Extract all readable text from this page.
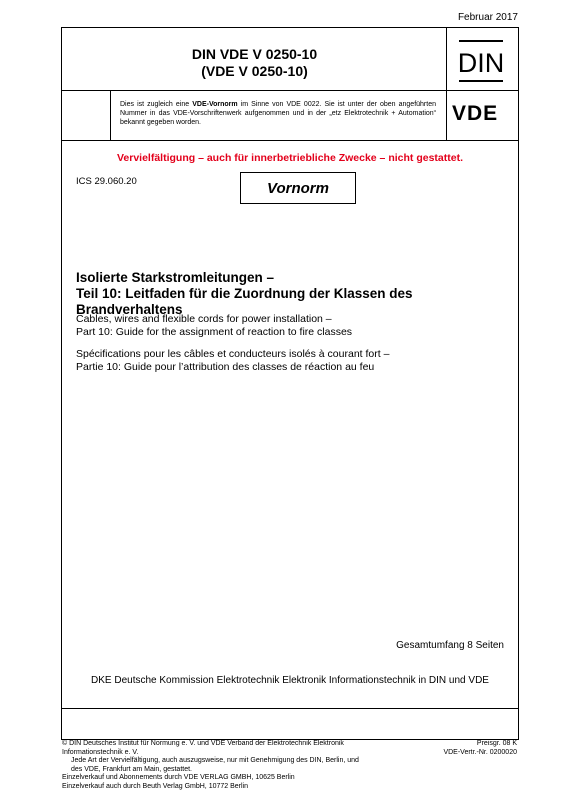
Februar 2017
DIN VDE V 0250-10
(VDE V 0250-10)	DIN
Dies ist zugleich eine VDE-Vornorm im Sinne von VDE 0022. Sie ist unter der oben angeführten Nummer in das VDE-Vorschriftenwerk aufgenommen und in der „etz Elektrotechnik + Automation“ bekannt gegeben worden.	VDE
Vervielfältigung – auch für innerbetriebliche Zwecke – nicht gestattet.
ICS 29.060.20	Vornorm
Isolierte Starkstromleitungen –
Teil 10: Leitfaden für die Zuordnung der Klassen des Brandverhaltens
Cables, wires and flexible cords for power installation –
Part 10: Guide for the assignment of reaction to fire classes
Spécifications pour les câbles et conducteurs isolés à courant fort –
Partie 10: Guide pour l’attribution des classes de réaction au feu
Gesamtumfang 8 Seiten
DKE Deutsche Kommission Elektrotechnik Elektronik Informationstechnik in DIN und VDE
© DIN Deutsches Institut für Normung e. V. und VDE Verband der Elektrotechnik Elektronik Informationstechnik e. V.
Jede Art der Vervielfältigung, auch auszugsweise, nur mit Genehmigung des DIN, Berlin, und
des VDE, Frankfurt am Main, gestattet.
Einzelverkauf und Abonnements durch VDE VERLAG GMBH, 10625 Berlin
Einzelverkauf auch durch Beuth Verlag GmbH, 10772 Berlin
Preisgr. 08 K
VDE-Vertr.-Nr. 0200020
